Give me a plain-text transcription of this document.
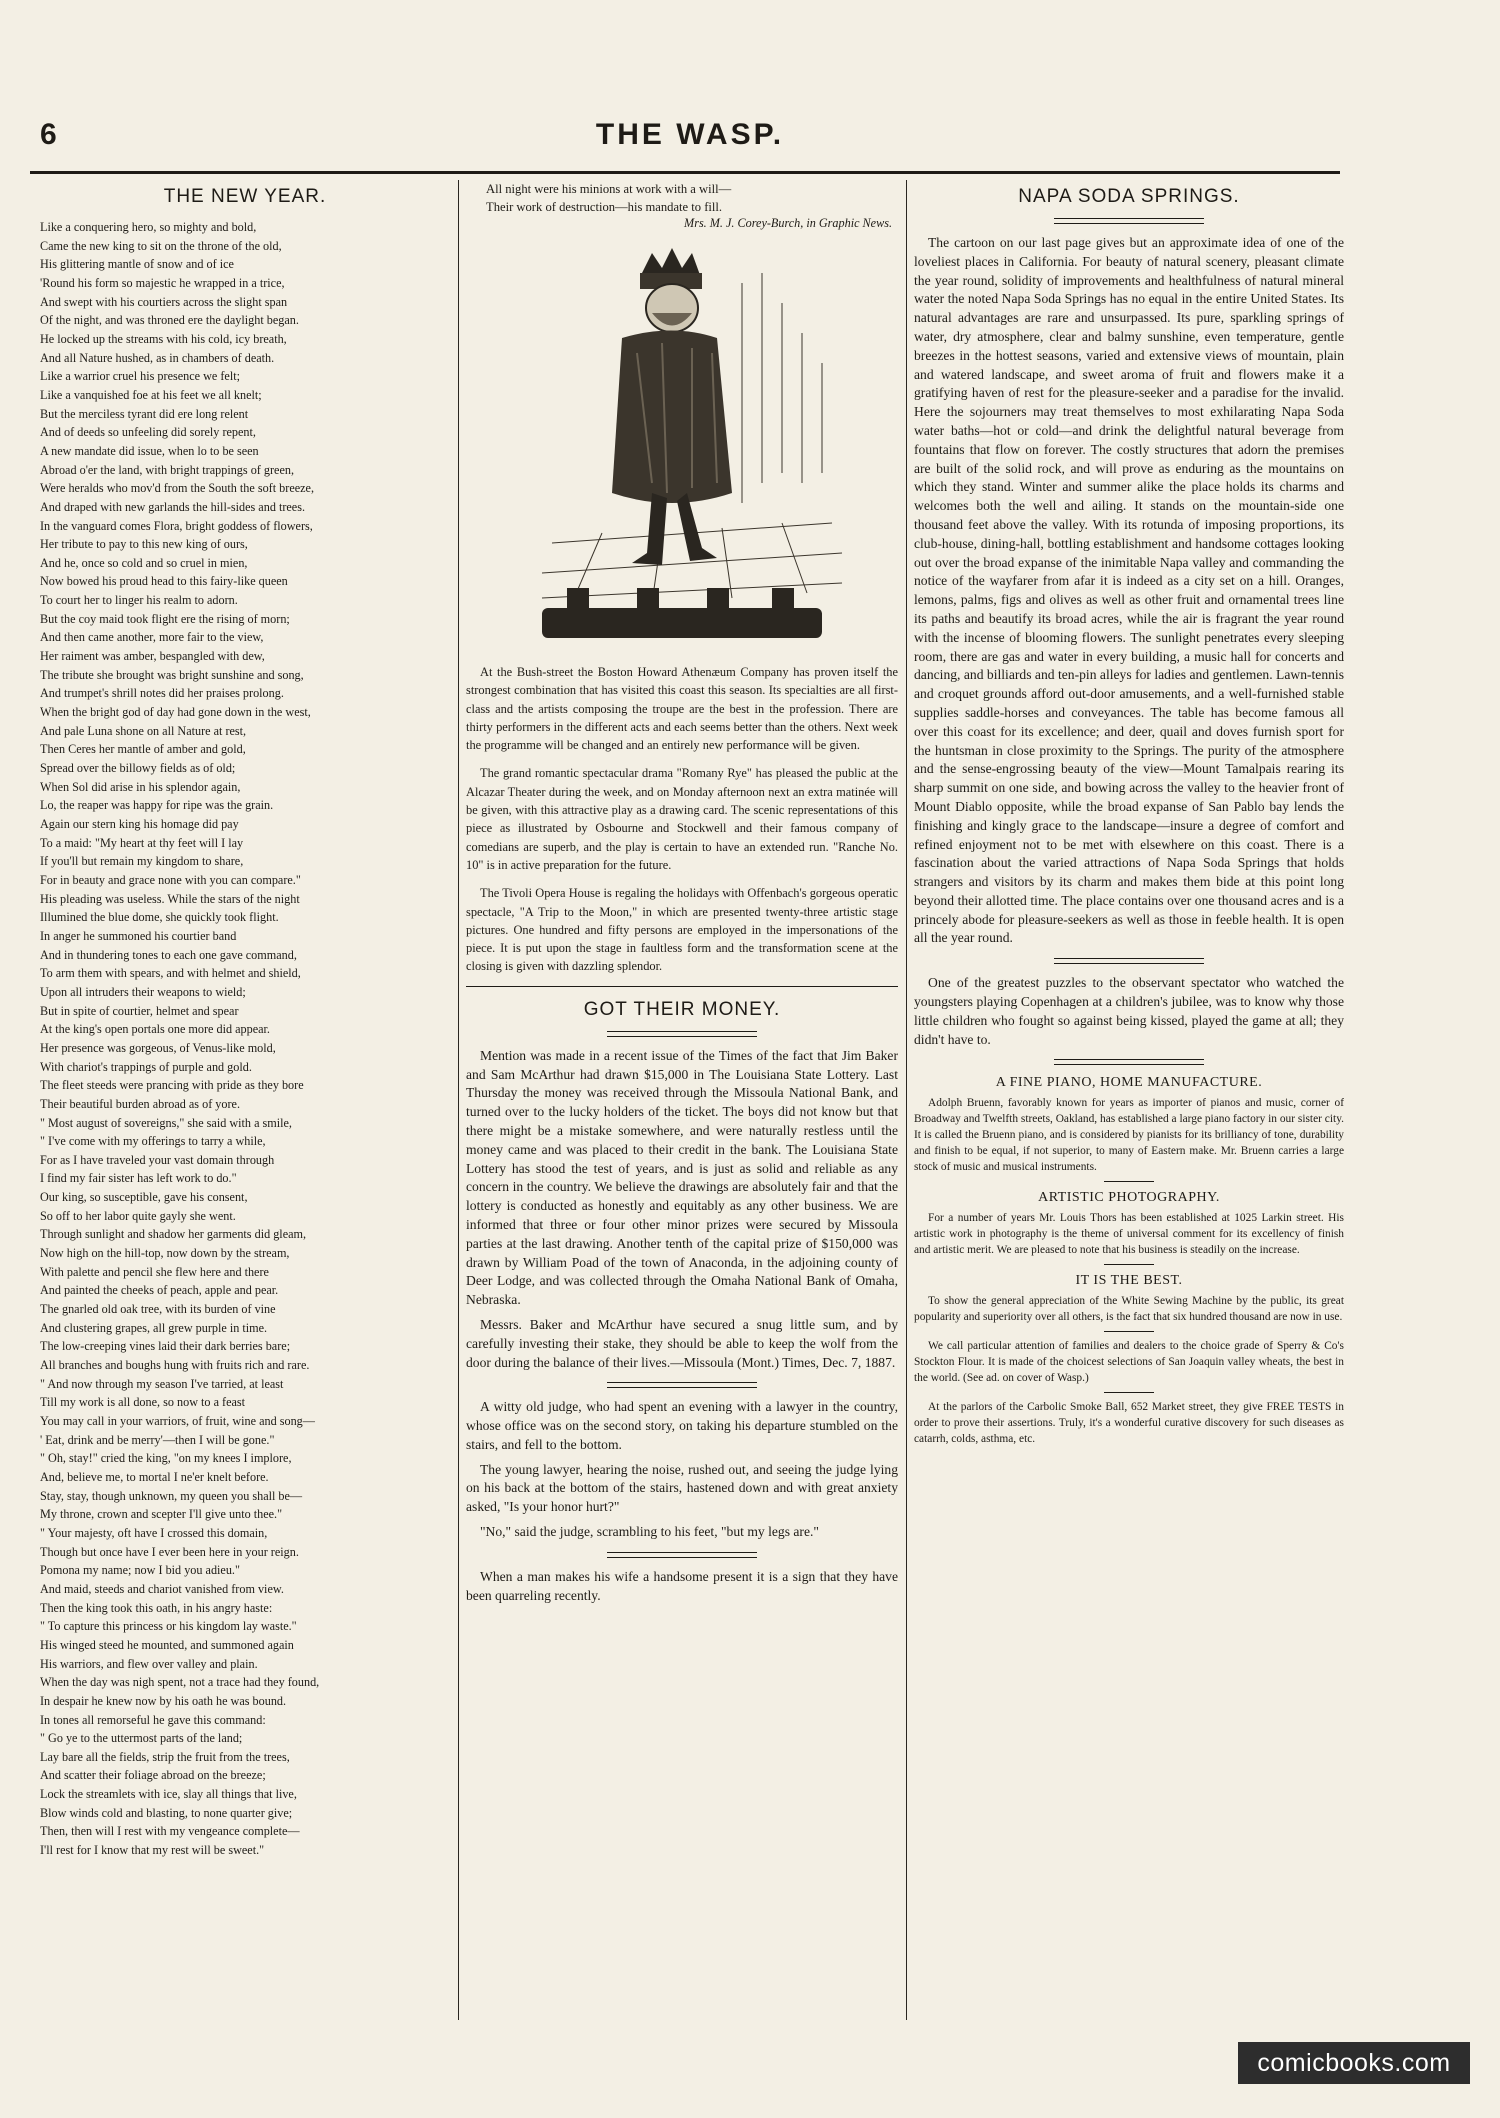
6	THE WASP.
THE NEW YEAR.

Like a conquering hero, so mighty and bold,

Came the new king to sit on the throne of the old,

His glittering mantle of snow and of ice

'Round his form so majestic he wrapped in a trice,

And swept with his courtiers across the slight span

Of the night, and was throned ere the daylight began.

He locked up the streams with his cold, icy breath,

And all Nature hushed, as in chambers of death.

Like a warrior cruel his presence we felt;

Like a vanquished foe at his feet we all knelt;

But the merciless tyrant did ere long relent

And of deeds so unfeeling did sorely repent,

A new mandate did issue, when lo to be seen

Abroad o'er the land, with bright trappings of green,

Were heralds who mov'd from the South the soft breeze,

And draped with new garlands the hill-sides and trees.

In the vanguard comes Flora, bright goddess of flowers,

Her tribute to pay to this new king of ours,

And he, once so cold and so cruel in mien,

Now bowed his proud head to this fairy-like queen

To court her to linger his realm to adorn.

But the coy maid took flight ere the rising of morn;

And then came another, more fair to the view,

Her raiment was amber, bespangled with dew,

The tribute she brought was bright sunshine and song,

And trumpet's shrill notes did her praises prolong.

When the bright god of day had gone down in the west,

And pale Luna shone on all Nature at rest,

Then Ceres her mantle of amber and gold,

Spread over the billowy fields as of old;

When Sol did arise in his splendor again,

Lo, the reaper was happy for ripe was the grain.

Again our stern king his homage did pay

To a maid: "My heart at thy feet will I lay

If you'll but remain my kingdom to share,

For in beauty and grace none with you can compare."

His pleading was useless. While the stars of the night

Illumined the blue dome, she quickly took flight.

In anger he summoned his courtier band

And in thundering tones to each one gave command,

To arm them with spears, and with helmet and shield,

Upon all intruders their weapons to wield;

But in spite of courtier, helmet and spear

At the king's open portals one more did appear.

Her presence was gorgeous, of Venus-like mold,

With chariot's trappings of purple and gold.

The fleet steeds were prancing with pride as they bore

Their beautiful burden abroad as of yore.

" Most august of sovereigns," she said with a smile,

" I've come with my offerings to tarry a while,

For as I have traveled your vast domain through

I find my fair sister has left work to do."

Our king, so susceptible, gave his consent,

So off to her labor quite gayly she went.

Through sunlight and shadow her garments did gleam,

Now high on the hill-top, now down by the stream,

With palette and pencil she flew here and there

And painted the cheeks of peach, apple and pear.

The gnarled old oak tree, with its burden of vine

And clustering grapes, all grew purple in time.

The low-creeping vines laid their dark berries bare;

All branches and boughs hung with fruits rich and rare.

" And now through my season I've tarried, at least

Till my work is all done, so now to a feast

You may call in your warriors, of fruit, wine and song—

' Eat, drink and be merry'—then I will be gone."

" Oh, stay!" cried the king, "on my knees I implore,

And, believe me, to mortal I ne'er knelt before.

Stay, stay, though unknown, my queen you shall be—

My throne, crown and scepter I'll give unto thee."

" Your majesty, oft have I crossed this domain,

Though but once have I ever been here in your reign.

Pomona my name; now I bid you adieu."

And maid, steeds and chariot vanished from view.

Then the king took this oath, in his angry haste:

" To capture this princess or his kingdom lay waste."

His winged steed he mounted, and summoned again

His warriors, and flew over valley and plain.

When the day was nigh spent, not a trace had they found,

In despair he knew now by his oath he was bound.

In tones all remorseful he gave this command:

" Go ye to the uttermost parts of the land;

Lay bare all the fields, strip the fruit from the trees,

And scatter their foliage abroad on the breeze;

Lock the streamlets with ice, slay all things that live,

Blow winds cold and blasting, to none quarter give;

Then, then will I rest with my vengeance complete—

I'll rest for I know that my rest will be sweet."

All night were his minions at work with a will—

Their work of destruction—his mandate to fill.

Mrs. M. J. Corey-Burch, in Graphic News.

At the Bush-street the Boston Howard Athenæum Company has proven itself the strongest combination that has visited this coast this season. Its specialties are all first-class and the artists composing the troupe are the best in the profession. There are thirty performers in the different acts and each seems better than the others. Next week the programme will be changed and an entirely new performance will be given.

The grand romantic spectacular drama "Romany Rye" has pleased the public at the Alcazar Theater during the week, and on Monday afternoon next an extra matinée will be given, with this attractive play as a drawing card. The scenic representations of this piece as illustrated by Osbourne and Stockwell and their famous company of comedians are superb, and the play is certain to have an extended run. "Ranche No. 10" is in active preparation for the future.

The Tivoli Opera House is regaling the holidays with Offenbach's gorgeous operatic spectacle, "A Trip to the Moon," in which are presented twenty-three artistic stage pictures. One hundred and fifty persons are employed in the impersonations of the piece. It is put upon the stage in faultless form and the transformation scene at the closing is given with dazzling splendor.

GOT THEIR MONEY.

Mention was made in a recent issue of the Times of the fact that Jim Baker and Sam McArthur had drawn $15,000 in The Louisiana State Lottery. Last Thursday the money was received through the Missoula National Bank, and turned over to the lucky holders of the ticket. The boys did not know but that there might be a mistake somewhere, and were naturally restless until the money came and was placed to their credit in the bank. The Louisiana State Lottery has stood the test of years, and is just as solid and reliable as any concern in the country. We believe the drawings are absolutely fair and that the lottery is conducted as honestly and equitably as any other business. We are informed that three or four other minor prizes were secured by Missoula parties at the last drawing. Another tenth of the capital prize of $150,000 was drawn by William Poad of the town of Anaconda, in the adjoining county of Deer Lodge, and was collected through the Omaha National Bank of Omaha, Nebraska.

Messrs. Baker and McArthur have secured a snug little sum, and by carefully investing their stake, they should be able to keep the wolf from the door during the balance of their lives.—Missoula (Mont.) Times, Dec. 7, 1887.

A witty old judge, who had spent an evening with a lawyer in the country, whose office was on the second story, on taking his departure stumbled on the stairs, and fell to the bottom.

The young lawyer, hearing the noise, rushed out, and seeing the judge lying on his back at the bottom of the stairs, hastened down and with great anxiety asked, "Is your honor hurt?"

"No," said the judge, scrambling to his feet, "but my legs are."

When a man makes his wife a handsome present it is a sign that they have been quarreling recently.

NAPA SODA SPRINGS.

The cartoon on our last page gives but an approximate idea of one of the loveliest places in California. For beauty of natural scenery, pleasant climate the year round, solidity of improvements and healthfulness of natural mineral water the noted Napa Soda Springs has no equal in the entire United States. Its natural advantages are rare and unsurpassed. Its pure, sparkling springs of water, dry atmosphere, clear and balmy sunshine, even temperature, gentle breezes in the hottest seasons, varied and extensive views of mountain, plain and watered landscape, and sweet aroma of fruit and flowers make it a gratifying haven of rest for the pleasure-seeker and a paradise for the invalid. Here the sojourners may treat themselves to most exhilarating Napa Soda water baths—hot or cold—and drink the delightful natural beverage from fountains that flow on forever. The costly structures that adorn the premises are built of the solid rock, and will prove as enduring as the mountains on which they stand. Winter and summer alike the place holds its charms and welcomes both the well and ailing. It stands on the mountain-side one thousand feet above the valley. With its rotunda of imposing proportions, its club-house, dining-hall, bottling establishment and handsome cottages looking out over the broad expanse of the inimitable Napa valley and commanding the notice of the wayfarer from afar it is indeed as a city set on a hill. Oranges, lemons, palms, figs and olives as well as other fruit and ornamental trees line its paths and beautify its broad acres, while the air is fragrant the year round with the incense of blooming flowers. The sunlight penetrates every sleeping room, there are gas and water in every building, a music hall for concerts and dancing, and billiards and ten-pin alleys for ladies and gentlemen. Lawn-tennis and croquet grounds afford out-door amusements, and a well-furnished stable supplies saddle-horses and conveyances. The table has become famous all over this coast for its excellence; and deer, quail and doves furnish sport for the huntsman in close proximity to the Springs. The purity of the atmosphere and the sense-engrossing beauty of the view—Mount Tamalpais rearing its sharp summit on one side, and bowing across the valley to the heavier front of Mount Diablo opposite, while the broad expanse of San Pablo bay lends the finishing and kingly grace to the landscape—insure a degree of comfort and refined enjoyment not to be met with elsewhere on this coast. There is a fascination about the varied attractions of Napa Soda Springs that holds strangers and visitors by its charm and makes them bide at this point long beyond their allotted time. The place contains over one thousand acres and is a princely abode for pleasure-seekers as well as those in feeble health. It is open all the year round.

One of the greatest puzzles to the observant spectator who watched the youngsters playing Copenhagen at a children's jubilee, was to know why those little children who fought so against being kissed, played the game at all; they didn't have to.

A FINE PIANO, HOME MANUFACTURE.

Adolph Bruenn, favorably known for years as importer of pianos and music, corner of Broadway and Twelfth streets, Oakland, has established a large piano factory in our sister city. It is called the Bruenn piano, and is considered by pianists for its brilliancy of tone, durability and finish to be equal, if not superior, to many of Eastern make. Mr. Bruenn carries a large stock of music and musical instruments.

ARTISTIC PHOTOGRAPHY.

For a number of years Mr. Louis Thors has been established at 1025 Larkin street. His artistic work in photography is the theme of universal comment for its excellency of finish and artistic merit. We are pleased to note that his business is steadily on the increase.

IT IS THE BEST.

To show the general appreciation of the White Sewing Machine by the public, its great popularity and superiority over all others, is the fact that six hundred thousand are now in use.

We call particular attention of families and dealers to the choice grade of Sperry & Co's Stockton Flour. It is made of the choicest selections of San Joaquin valley wheats, the best in the world. (See ad. on cover of Wasp.)

At the parlors of the Carbolic Smoke Ball, 652 Market street, they give FREE TESTS in order to prove their assertions. Truly, it's a wonderful curative discovery for such diseases as catarrh, colds, asthma, etc.

comicbooks.com
